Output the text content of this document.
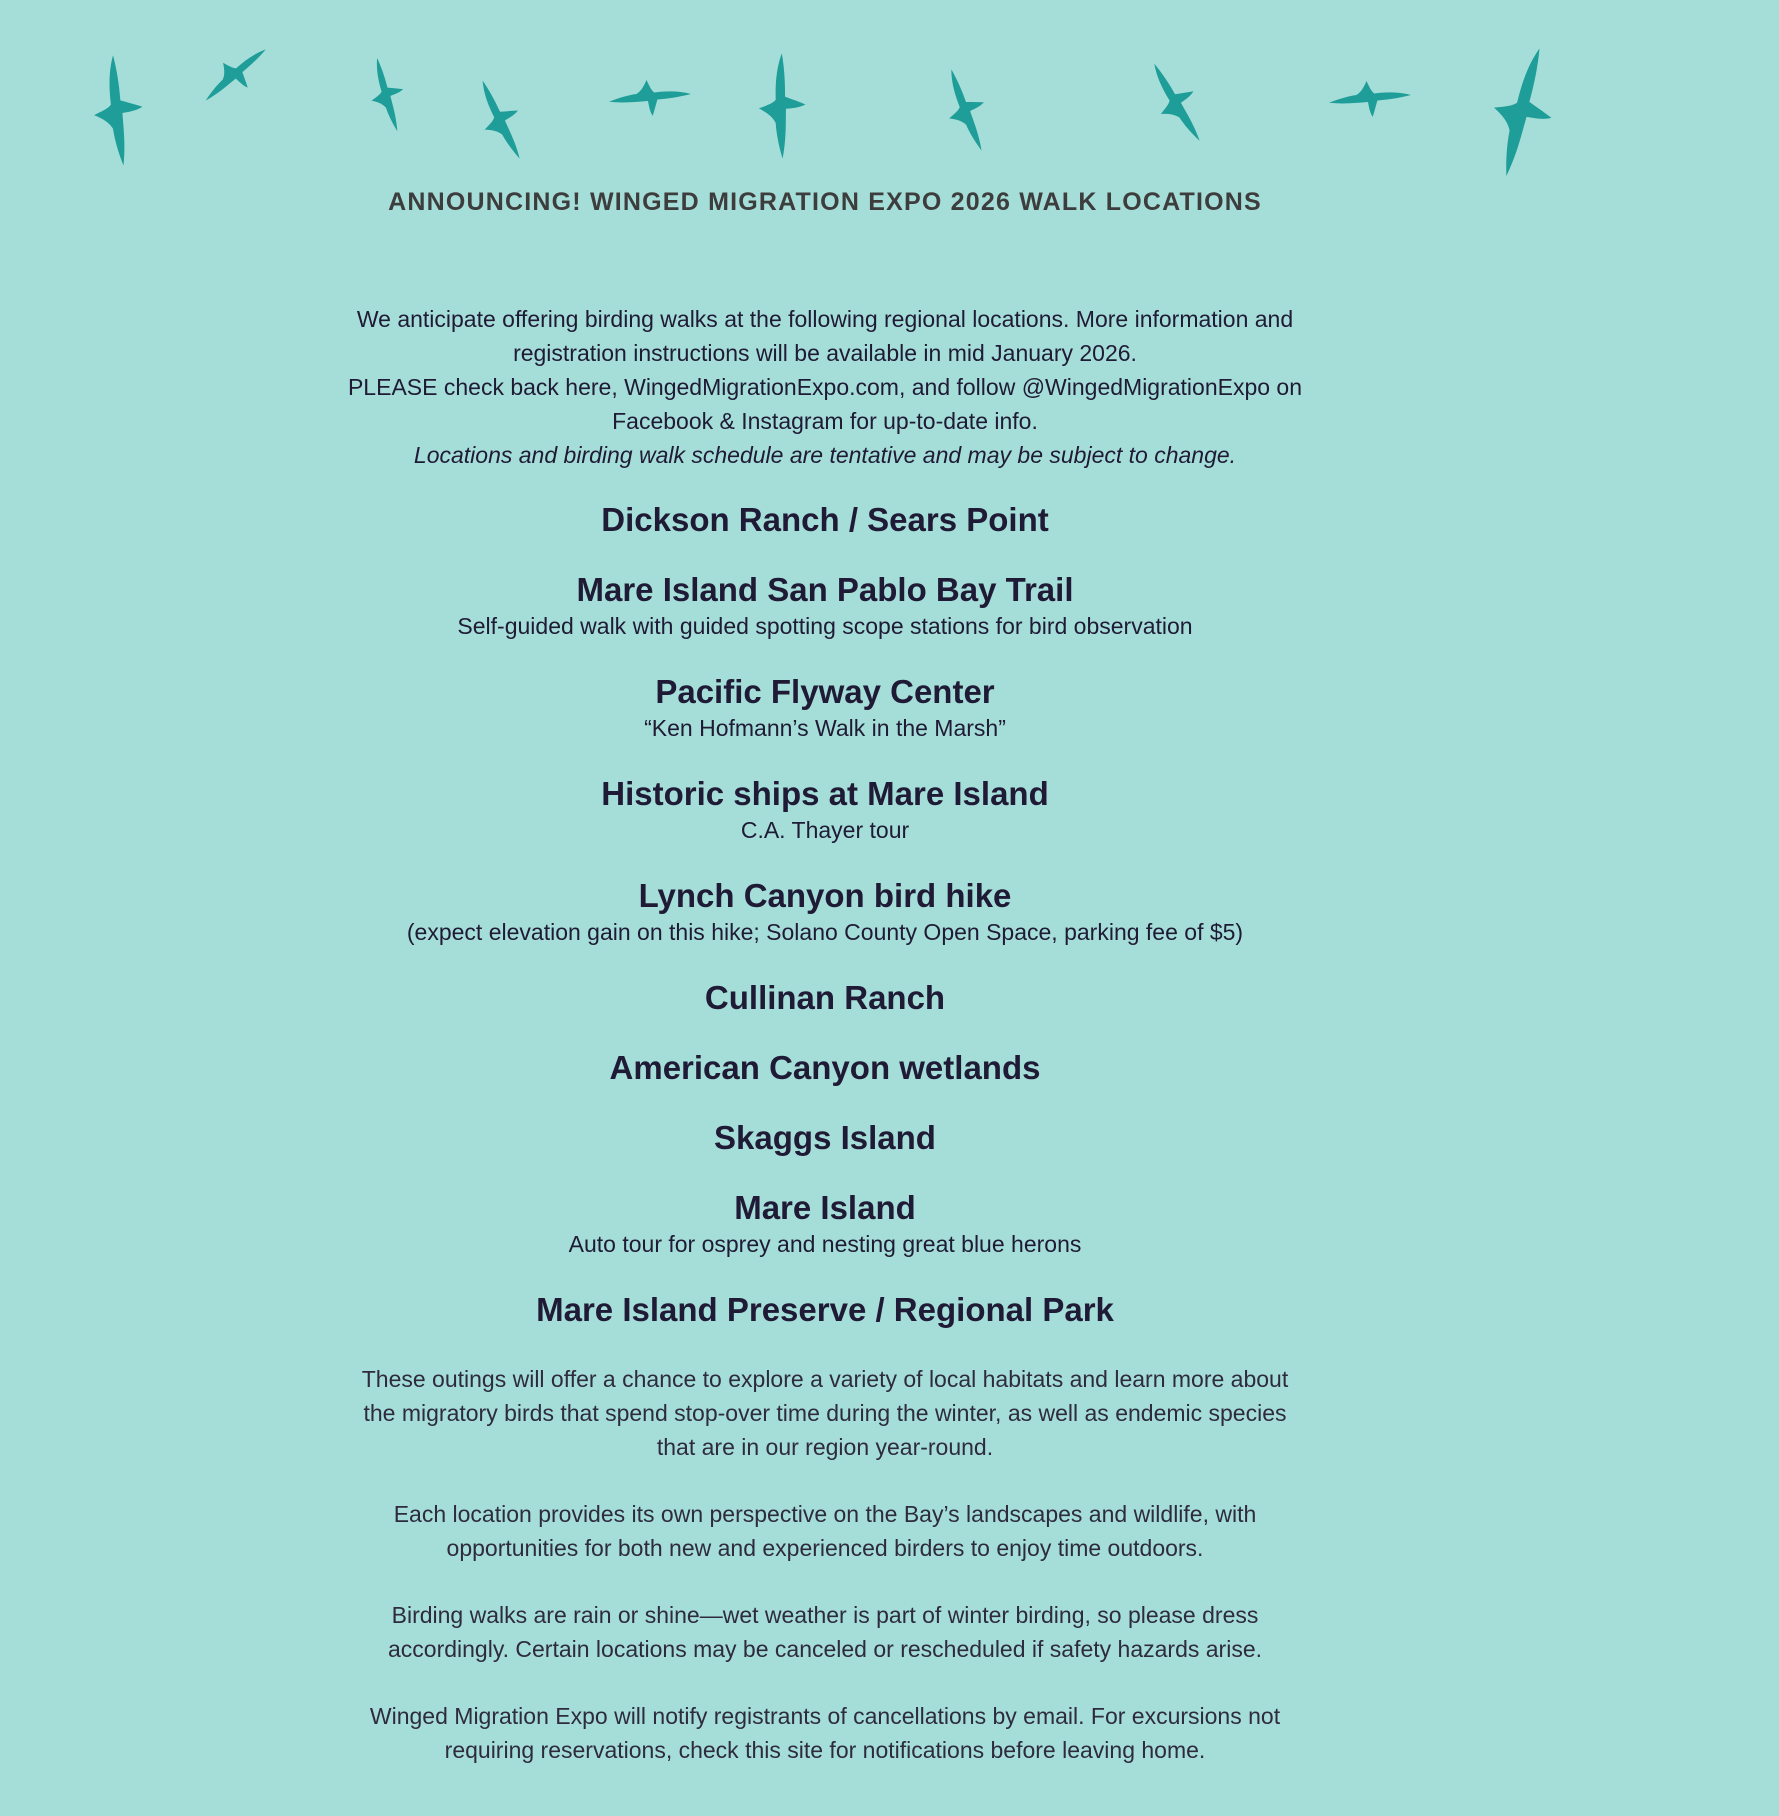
ANNOUNCING! WINGED MIGRATION EXPO 2026 WALK LOCATIONS

We anticipate offering birding walks at the following regional locations. More information and registration instructions will be available in mid January 2026.

PLEASE check back here, WingedMigrationExpo.com, and follow @WingedMigrationExpo on Facebook & Instagram for up-to-date info.

Locations and birding walk schedule are tentative and may be subject to change.

Dickson Ranch / Sears Point
Mare Island San Pablo Bay Trail

Self-guided walk with guided spotting scope stations for bird observation

Pacific Flyway Center

“Ken Hofmann’s Walk in the Marsh”

Historic ships at Mare Island

C.A. Thayer tour

Lynch Canyon bird hike

(expect elevation gain on this hike; Solano County Open Space, parking fee of $5)

Cullinan Ranch
American Canyon wetlands
Skaggs Island
Mare Island

Auto tour for osprey and nesting great blue herons

Mare Island Preserve / Regional Park

These outings will offer a chance to explore a variety of local habitats and learn more about the migratory birds that spend stop-over time during the winter, as well as endemic species that are in our region year-round.

Each location provides its own perspective on the Bay’s landscapes and wildlife, with opportunities for both new and experienced birders to enjoy time outdoors.

Birding walks are rain or shine—wet weather is part of winter birding, so please dress accordingly. Certain locations may be canceled or rescheduled if safety hazards arise.

Winged Migration Expo will notify registrants of cancellations by email. For excursions not requiring reservations, check this site for notifications before leaving home.
